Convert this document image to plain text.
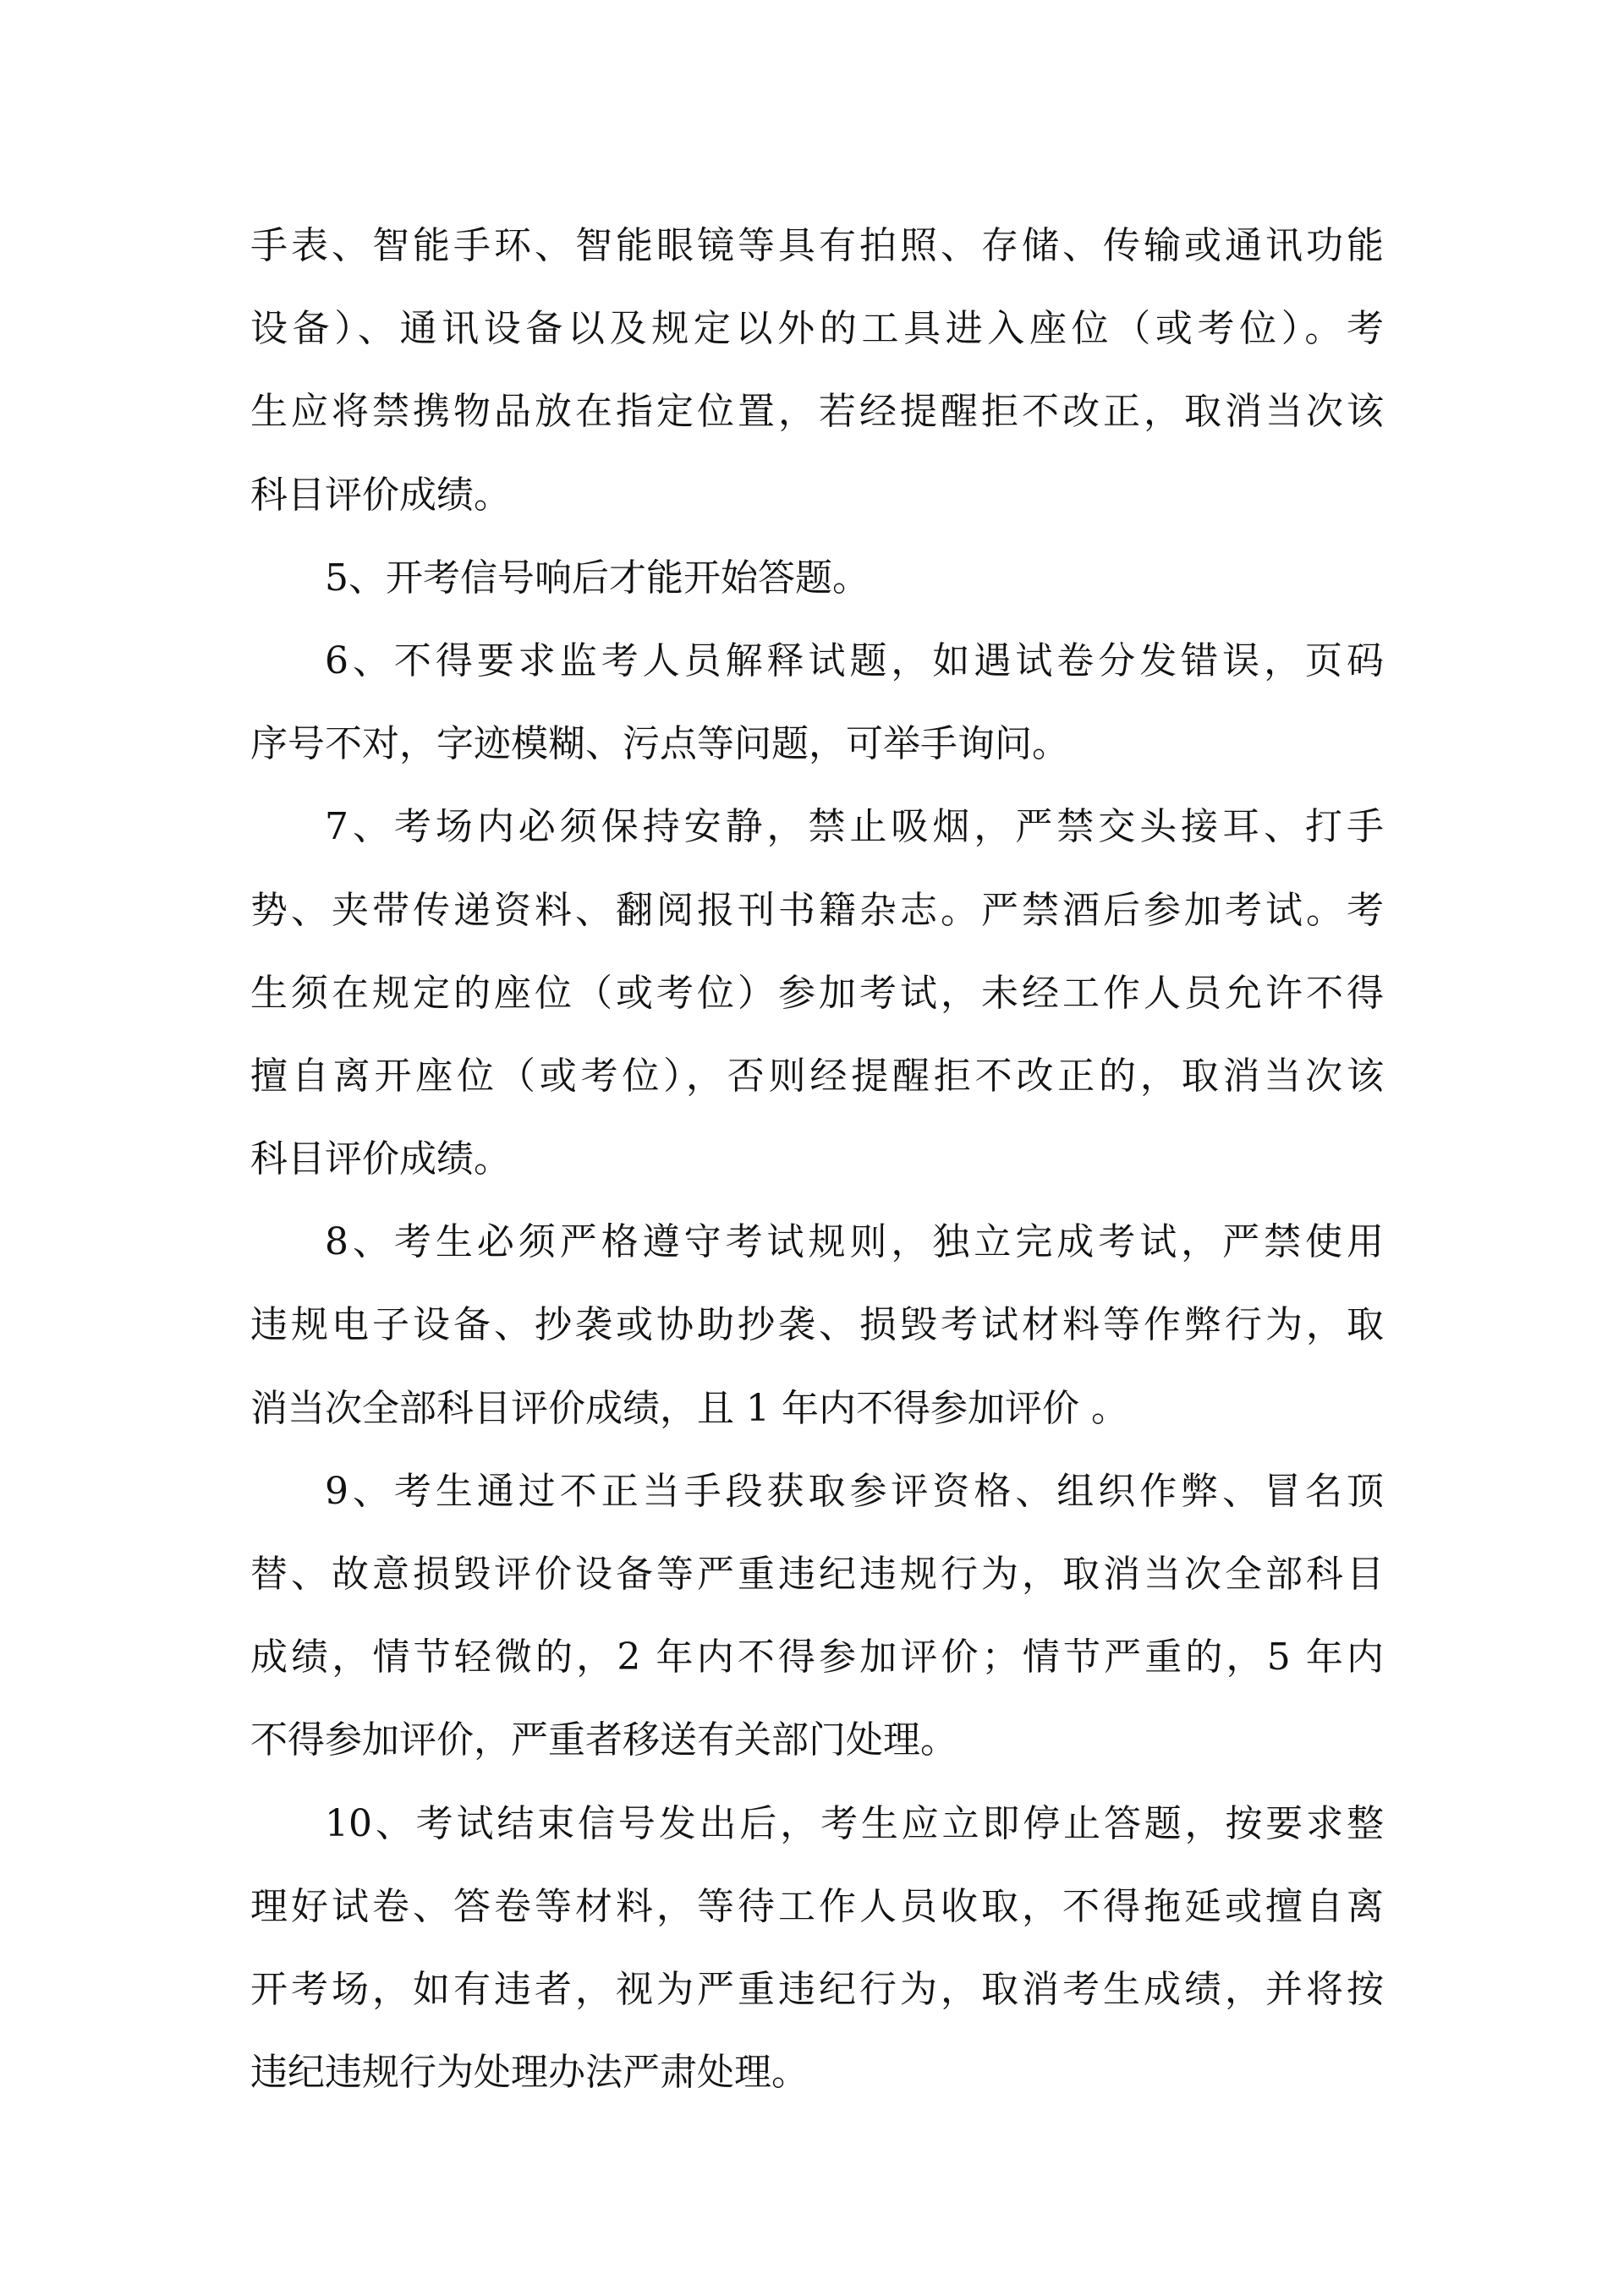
手表、智能手环、智能眼镜等具有拍照、存储、传输或通讯功能
设备）、通讯设备以及规定以外的工具进入座位（或考位）。考
生应将禁携物品放在指定位置，若经提醒拒不改正，取消当次该
科目评价成绩。
5、开考信号响后才能开始答题。
6、不得要求监考人员解释试题，如遇试卷分发错误，页码
序号不对，字迹模糊、污点等问题，可举手询问。
7、考场内必须保持安静，禁止吸烟，严禁交头接耳、打手
势、夹带传递资料、翻阅报刊书籍杂志。严禁酒后参加考试。考
生须在规定的座位（或考位）参加考试，未经工作人员允许不得
擅自离开座位（或考位），否则经提醒拒不改正的，取消当次该
科目评价成绩。
8、考生必须严格遵守考试规则，独立完成考试，严禁使用
违规电子设备、抄袭或协助抄袭、损毁考试材料等作弊行为，取
消当次全部科目评价成绩，且 1 年内不得参加评价 。
9、考生通过不正当手段获取参评资格、组织作弊、冒名顶
替、故意损毁评价设备等严重违纪违规行为，取消当次全部科目
成绩，情节轻微的，2 年内不得参加评价；情节严重的，5 年内
不得参加评价，严重者移送有关部门处理。
10、考试结束信号发出后，考生应立即停止答题，按要求整
理好试卷、答卷等材料，等待工作人员收取，不得拖延或擅自离
开考场，如有违者，视为严重违纪行为，取消考生成绩，并将按
违纪违规行为处理办法严肃处理。
